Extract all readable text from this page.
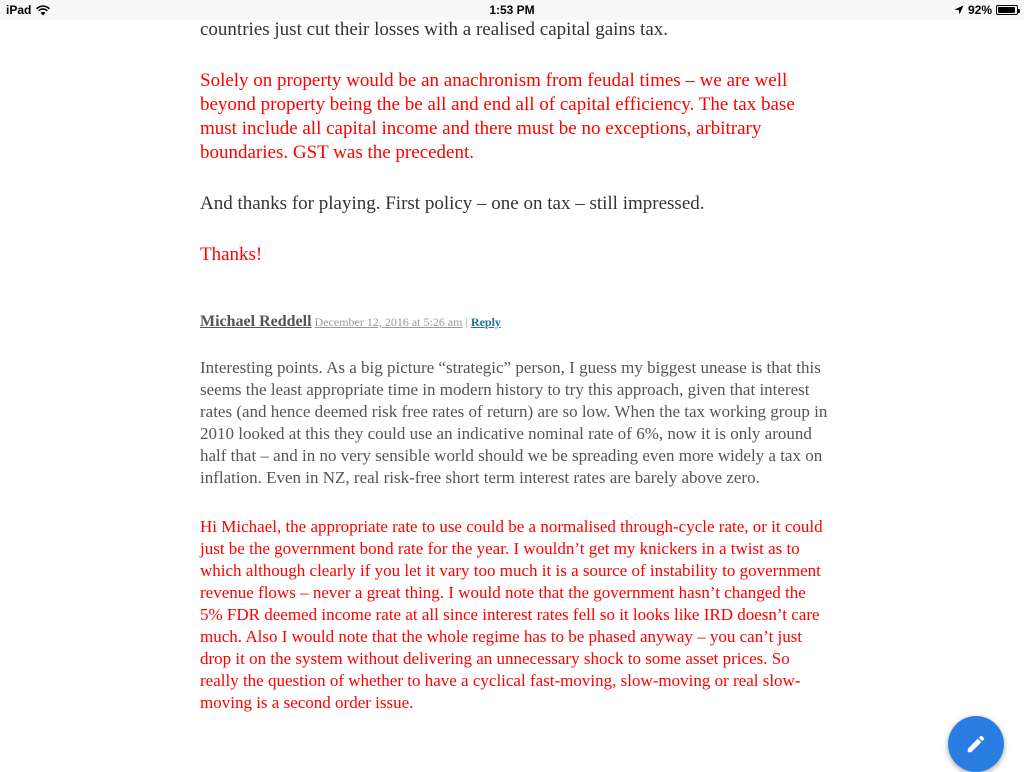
iPad	1:53 PM	92%

countries just cut their losses with a realised capital gains tax.

Solely on property would be an anachronism from feudal times – we are well beyond property being the be all and end all of capital efficiency. The tax base must include all capital income and there must be no exceptions, arbitrary boundaries. GST was the precedent.

And thanks for playing. First policy – one on tax – still impressed.

Thanks!

Michael Reddell December 12, 2016 at 5:26 am | Reply

Interesting points. As a big picture “strategic” person, I guess my biggest unease is that this seems the least appropriate time in modern history to try this approach, given that interest rates (and hence deemed risk free rates of return) are so low. When the tax working group in 2010 looked at this they could use an indicative nominal rate of 6%, now it is only around half that – and in no very sensible world should we be spreading even more widely a tax on inflation. Even in NZ, real risk-free short term interest rates are barely above zero.

Hi Michael, the appropriate rate to use could be a normalised through-cycle rate, or it could just be the government bond rate for the year. I wouldn’t get my knickers in a twist as to which although clearly if you let it vary too much it is a source of instability to government revenue flows – never a great thing. I would note that the government hasn’t changed the 5% FDR deemed income rate at all since interest rates fell so it looks like IRD doesn’t care much. Also I would note that the whole regime has to be phased anyway – you can’t just drop it on the system without delivering an unnecessary shock to some asset prices. So really the question of whether to have a cyclical fast-moving, slow-moving or real slow-moving is a second order issue.
